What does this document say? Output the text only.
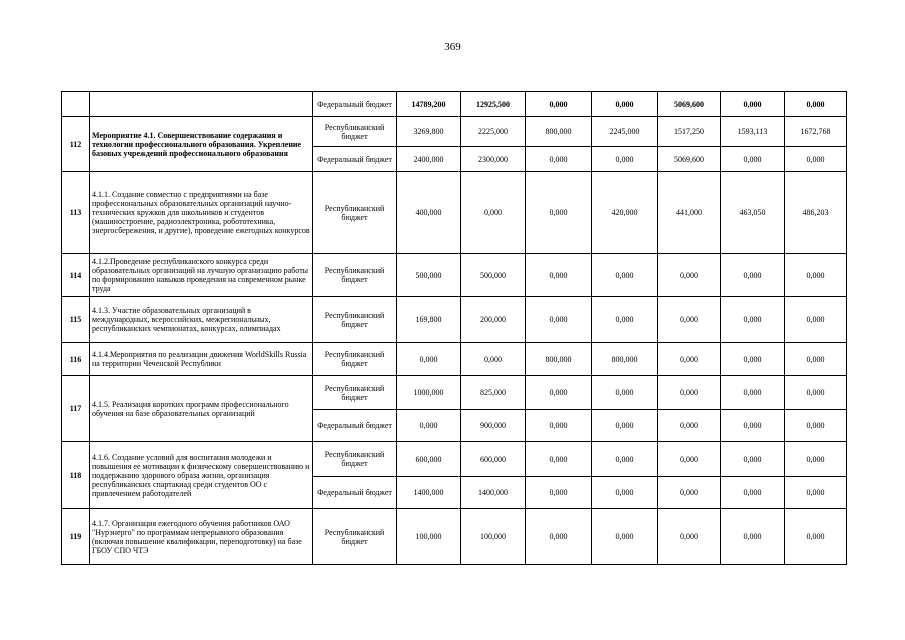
369
		Федеральный бюджет	14789,200	12925,500	0,000	0,000	5069,600	0,000	0,000
112	Мероприятие 4.1. Совершенствование содержания и технологии профессионального образования. Укрепление базовых учреждений профессионального образования	Республиканский бюджет	3269,800	2225,000	800,000	2245,000	1517,250	1593,113	1672,768
		Федеральный бюджет	2400,000	2300,000	0,000	0,000	5069,600	0,000	0,000
113	4.1.1. Создание совместно с предприятиями на базе профессиональных образовательных организаций научно-технических кружков для школьников и студентов (машиностроение, радиоэлектроника, робототехника, энергосбережения, и другие), проведение ежегодных конкурсов	Республиканский бюджет	400,000	0,000	0,000	420,000	441,000	463,050	486,203
114	4.1.2.Проведение республиканского конкурса среди образовательных организаций на лучшую организацию работы по формированию навыков проведения на современном рынке труда	Республиканский бюджет	500,000	500,000	0,000	0,000	0,000	0,000	0,000
115	4.1.3. Участие образовательных организаций в международных, всероссийских, межрегиональных, республиканских чемпионатах, конкурсах, олимпиадах	Республиканский бюджет	169,800	200,000	0,000	0,000	0,000	0,000	0,000
116	4.1.4.Мероприятия по реализации движения WorldSkills Russia на территории Чеченской Республики	Республиканский бюджет	0,000	0,000	800,000	800,000	0,000	0,000	0,000
117	4.1.5. Реализация коротких программ профессионального обучения на базе образовательных организаций	Республиканский бюджет	1000,000	825,000	0,000	0,000	0,000	0,000	0,000
		Федеральный бюджет	0,000	900,000	0,000	0,000	0,000	0,000	0,000
118	4.1.6. Создание условий для воспитания молодежи и повышения ее мотивации к физическому совершенствованию и поддержанию здорового образа жизни, организация республиканских спартакиад среди студентов ОО с привлечением работодателей	Республиканский бюджет	600,000	600,000	0,000	0,000	0,000	0,000	0,000
		Федеральный бюджет	1400,000	1400,000	0,000	0,000	0,000	0,000	0,000
119	4.1.7. Организация ежегодного обучения работников ОАО "Нурэнерго" по программам непрерывного образования (включая повышение квалификации, переподготовку) на базе ГБОУ СПО ЧТЭ	Республиканский бюджет	100,000	100,000	0,000	0,000	0,000	0,000	0,000
